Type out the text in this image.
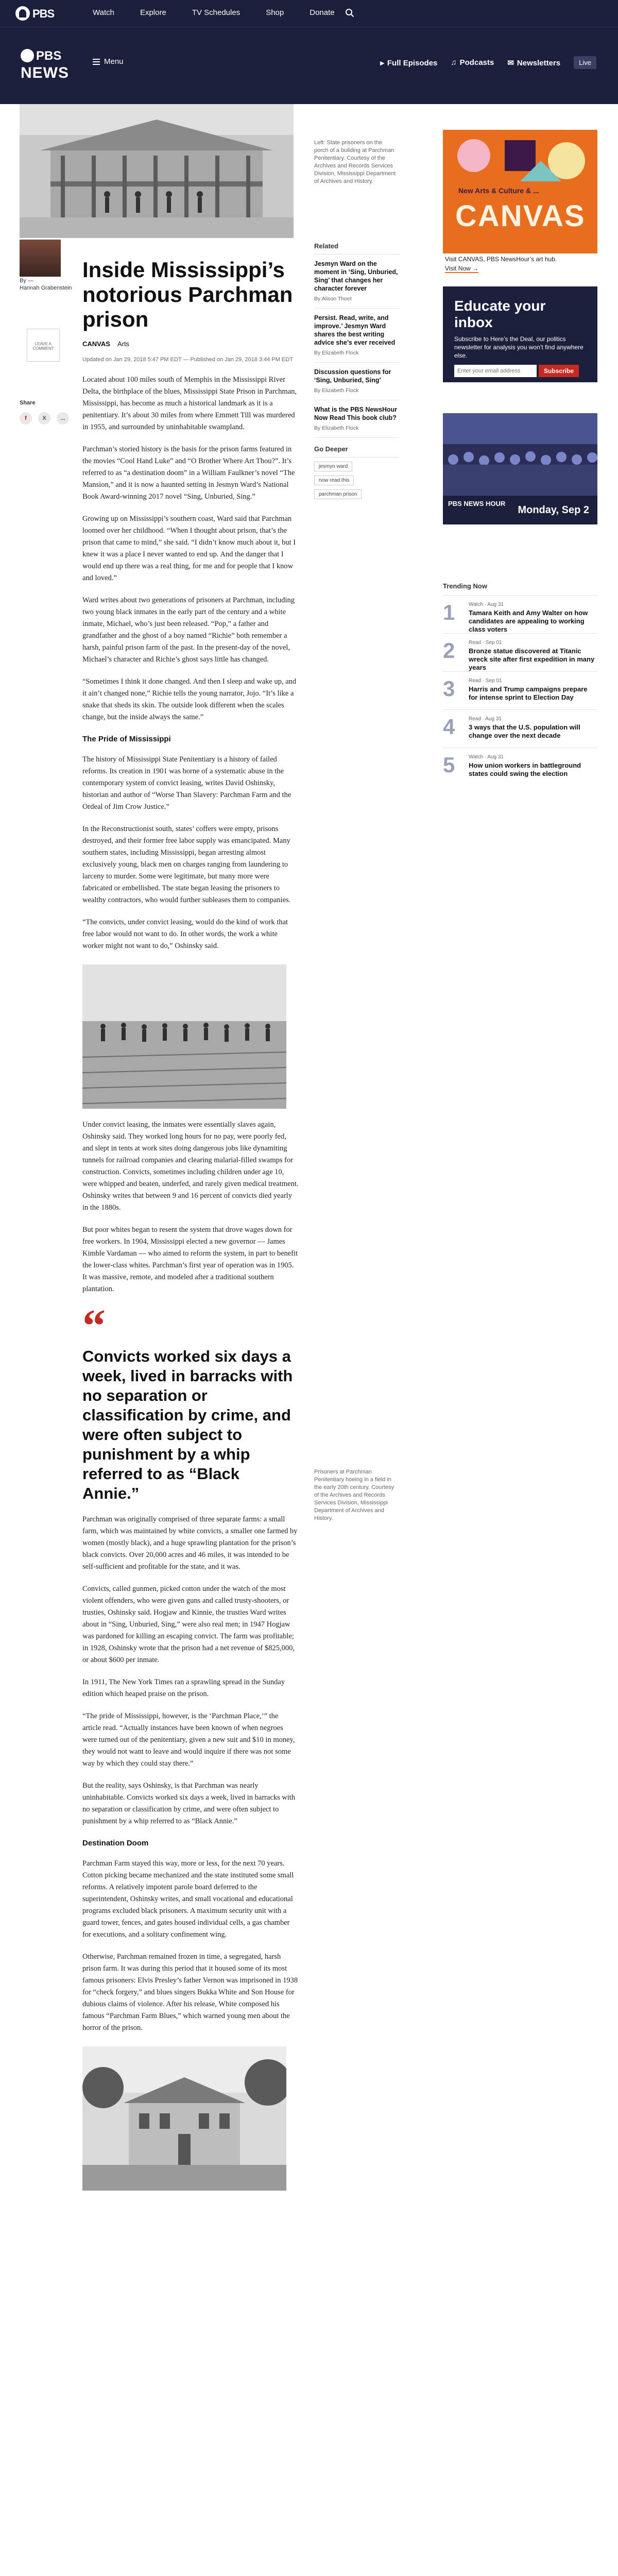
PBS	Watch	Explore	TV Schedules	Shop	Donate
PBS
NEWS
Menu	▸ Full Episodes ♫ Podcasts ✉ Newsletters	Live
Left: State prisoners on the porch of a building at Parchman Penitentiary. Courtesy of the Archives and Records Services Division, Mississippi Department of Archives and History.
By —
Hannah Grabenstein
LEAVE A COMMENT
Share
f	X	...
Inside Mississippi’s notorious Parchman prison
CANVAS Arts
Updated on Jan 29, 2018 5:47 PM EDT — Published on Jan 29, 2018 3:44 PM EDT

Located about 100 miles south of Memphis in the Mississippi River Delta, the birthplace of the blues, Mississippi State Prison in Parchman, Mississippi, has become as much a historical landmark as it is a penitentiary. It’s about 30 miles from where Emmett Till was murdered in 1955, and surrounded by uninhabitable swampland.

Parchman’s storied history is the basis for the prison farms featured in the movies “Cool Hand Luke” and “O Brother Where Art Thou?”. It’s referred to as “a destination doom” in a William Faulkner’s novel “The Mansion,” and it is now a haunted setting in Jesmyn Ward’s National Book Award-winning 2017 novel “Sing, Unburied, Sing.”

Growing up on Mississippi’s southern coast, Ward said that Parchman loomed over her childhood. “When I thought about prison, that’s the prison that came to mind,” she said. “I didn’t know much about it, but I knew it was a place I never wanted to end up. And the danger that I would end up there was a real thing, for me and for people that I know and loved.”

Ward writes about two generations of prisoners at Parchman, including two young black inmates in the early part of the century and a white inmate, Michael, who’s just been released. “Pop,” a father and grandfather and the ghost of a boy named “Richie” both remember a harsh, painful prison farm of the past. In the present-day of the novel, Michael’s character and Richie’s ghost says little has changed.

“Sometimes I think it done changed. And then I sleep and wake up, and it ain’t changed none,” Richie tells the young narrator, Jojo. “It’s like a snake that sheds its skin. The outside look different when the scales change, but the inside always the same.”

The Pride of Mississippi

The history of Mississippi State Penitentiary is a history of failed reforms. Its creation in 1901 was borne of a systematic abuse in the contemporary system of convict leasing, writes David Oshinsky, historian and author of “Worse Than Slavery: Parchman Farm and the Ordeal of Jim Crow Justice.”

In the Reconstructionist south, states’ coffers were empty, prisons destroyed, and their former free labor supply was emancipated. Many southern states, including Mississippi, began arresting almost exclusively young, black men on charges ranging from laundering to larceny to murder. Some were legitimate, but many more were fabricated or embellished. The state began leasing the prisoners to wealthy contractors, who would further subleases them to companies.

“The convicts, under convict leasing, would do the kind of work that free labor would not want to do. In other words, the work a white worker might not want to do,” Oshinsky said.

Under convict leasing, the inmates were essentially slaves again, Oshinsky said. They worked long hours for no pay, were poorly fed, and slept in tents at work sites doing dangerous jobs like dynamiting tunnels for railroad companies and clearing malarial-filled swamps for construction. Convicts, sometimes including children under age 10, were whipped and beaten, underfed, and rarely given medical treatment. Oshinsky writes that between 9 and 16 percent of convicts died yearly in the 1880s.

But poor whites began to resent the system that drove wages down for free workers. In 1904, Mississippi elected a new governor — James Kimble Vardaman — who aimed to reform the system, in part to benefit the lower-class whites. Parchman’s first year of operation was in 1905. It was massive, remote, and modeled after a traditional southern plantation.

“
Convicts worked six days a week, lived in barracks with no separation or classification by crime, and were often subject to punishment by a whip referred to as “Black Annie.”

Parchman was originally comprised of three separate farms: a small farm, which was maintained by white convicts, a smaller one farmed by women (mostly black), and a huge sprawling plantation for the prison’s black convicts. Over 20,000 acres and 46 miles, it was intended to be self-sufficient and profitable for the state, and it was.

Convicts, called gunmen, picked cotton under the watch of the most violent offenders, who were given guns and called trusty-shooters, or trusties, Oshinsky said. Hogjaw and Kinnie, the trusties Ward writes about in “Sing, Unburied, Sing,” were also real men; in 1947 Hogjaw was pardoned for killing an escaping convict. The farm was profitable; in 1928, Oshinsky wrote that the prison had a net revenue of $825,000, or about $600 per inmate.

In 1911, The New York Times ran a sprawling spread in the Sunday edition which heaped praise on the prison.

“The pride of Mississippi, however, is the ‘Parchman Place,’” the article read. “Actually instances have been known of when negroes were turned out of the penitentiary, given a new suit and $10 in money, they would not want to leave and would inquire if there was not some way by which they could stay there.”

But the reality, says Oshinsky, is that Parchman was nearly uninhabitable. Convicts worked six days a week, lived in barracks with no separation or classification by crime, and were often subject to punishment by a whip referred to as “Black Annie.”

Destination Doom

Parchman Farm stayed this way, more or less, for the next 70 years. Cotton picking became mechanized and the state instituted some small reforms. A relatively impotent parole board deferred to the superintendent, Oshinsky writes, and small vocational and educational programs excluded black prisoners. A maximum security unit with a guard tower, fences, and gates housed individual cells, a gas chamber for executions, and a solitary confinement wing.

Otherwise, Parchman remained frozen in time, a segregated, harsh prison farm. It was during this period that it housed some of its most famous prisoners: Elvis Presley’s father Vernon was imprisoned in 1938 for “check forgery,” and blues singers Bukka White and Son House for dubious claims of violence. After his release, White composed his famous “Parchman Farm Blues,” which warned young men about the horror of the prison.

Prisoners at Parchman Penitentiary hoeing in a field in the early 20th century. Courtesy of the Archives and Records Services Division, Mississippi Department of Archives and History.
Related
Jesmyn Ward on the moment in ‘Sing, Unburied, Sing’ that changes her character forever
By Alison Thoet
Persist. Read, write, and improve.’ Jesmyn Ward shares the best writing advice she’s ever received
By Elizabeth Flock
Discussion questions for ‘Sing, Unburied, Sing’
By Elizabeth Flock
What is the PBS NewsHour Now Read This book club?
By Elizabeth Flock
Go Deeper
jesmyn ward
now read this
parchman prison
New Arts & Culture & ...
CANVAS
Visit CANVAS, PBS NewsHour’s art hub.
Visit Now →
Educate your inbox
Subscribe to Here’s the Deal, our politics newsletter for analysis you won’t find anywhere else.
Enter your email address
Subscribe
PBS NEWS HOUR
Monday, Sep 2
Trending Now
1	Watch · Aug 31
Tamara Keith and Amy Walter on how candidates are appealing to working class voters
2	Read · Sep 01
Bronze statue discovered at Titanic wreck site after first expedition in many years
3	Read · Sep 01
Harris and Trump campaigns prepare for intense sprint to Election Day
4	Read · Aug 31
3 ways that the U.S. population will change over the next decade
5	Watch · Aug 31
How union workers in battleground states could swing the election
